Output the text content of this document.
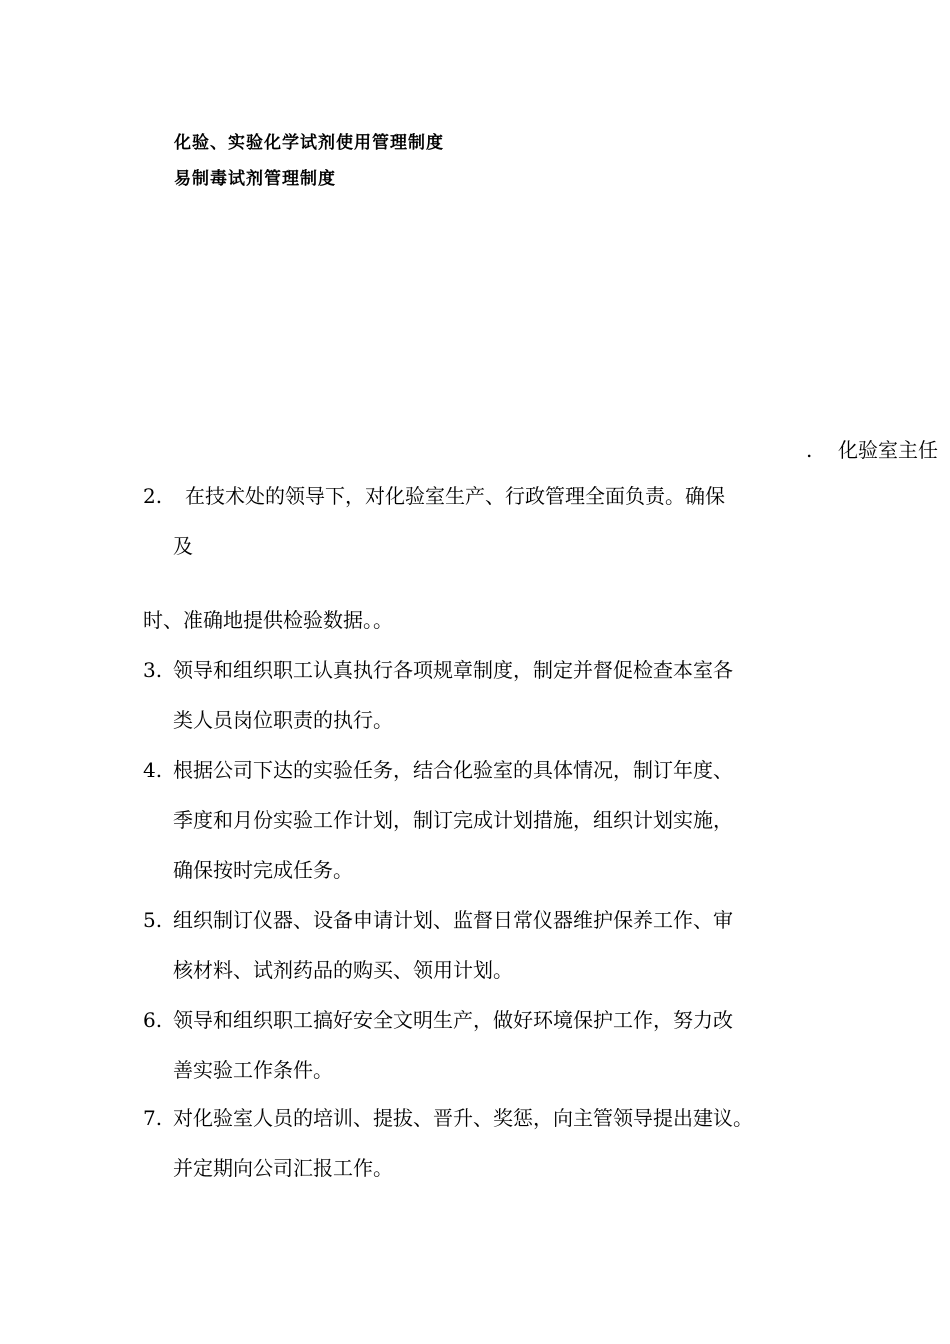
化验、实验化学试剂使用管理制度
易制毒试剂管理制度
. 化验室主任
2. 在技术处的领导下，对化验室生产、行政管理全面负责。确保
及
时、准确地提供检验数据。。
3. 领导和组织职工认真执行各项规章制度，制定并督促检查本室各
类人员岗位职责的执行。
4. 根据公司下达的实验任务，结合化验室的具体情况，制订年度、
季度和月份实验工作计划，制订完成计划措施，组织计划实施，
确保按时完成任务。
5. 组织制订仪器、设备申请计划、监督日常仪器维护保养工作、审
核材料、试剂药品的购买、领用计划。
6. 领导和组织职工搞好安全文明生产，做好环境保护工作，努力改
善实验工作条件。
7. 对化验室人员的培训、提拔、晋升、奖惩，向主管领导提出建议。
并定期向公司汇报工作。
